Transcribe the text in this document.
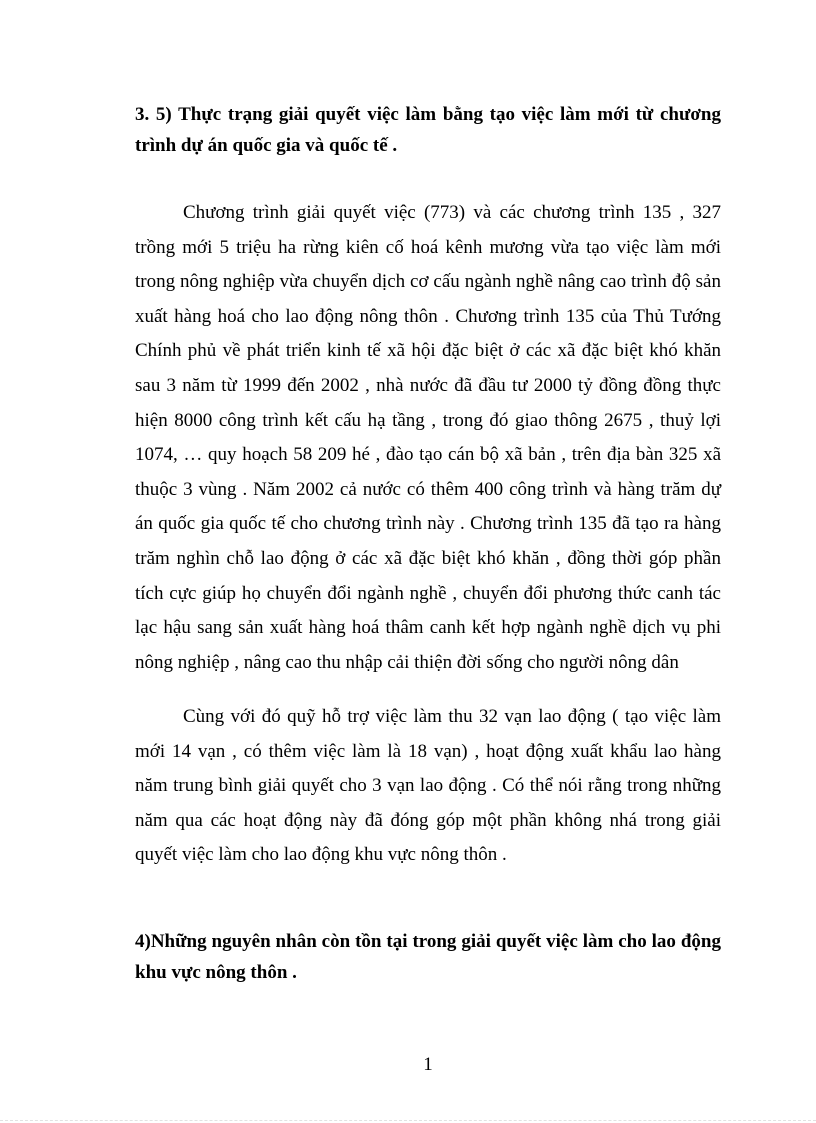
3. 5) Thực trạng giải quyết việc làm bằng tạo việc làm mới từ chương trình dự án quốc gia và quốc tế .

Chương trình giải quyết việc (773) và các chương trình 135 , 327 trồng mới 5 triệu ha rừng kiên cố hoá kênh mương vừa tạo việc làm mới trong nông nghiệp vừa chuyển dịch cơ cấu ngành nghề nâng cao trình độ sản xuất hàng hoá cho lao động nông thôn . Chương trình 135 của Thủ Tướng Chính phủ về phát triển kinh tế xã hội đặc biệt ở các xã đặc biệt khó khăn sau 3 năm từ 1999 đến 2002 , nhà nước đã đầu tư 2000 tỷ đồng đồng thực hiện 8000 công trình kết cấu hạ tầng , trong đó giao thông 2675 , thuỷ lợi 1074, … quy hoạch 58 209 hé , đào tạo cán bộ xã bản , trên địa bàn 325 xã thuộc 3 vùng . Năm 2002 cả nước có thêm 400 công trình và hàng trăm dự án quốc gia quốc tế cho chương trình này . Chương trình 135 đã tạo ra hàng trăm nghìn chỗ lao động ở các xã đặc biệt khó khăn , đồng thời góp phần tích cực giúp họ chuyển đổi ngành nghề , chuyển đổi phương thức canh tác lạc hậu sang sản xuất hàng hoá thâm canh kết hợp ngành nghề dịch vụ phi nông nghiệp , nâng cao thu nhập cải thiện đời sống cho người nông dân

Cùng với đó quỹ hỗ trợ việc làm thu 32 vạn lao động ( tạo việc làm mới 14 vạn , có thêm việc làm là 18 vạn) , hoạt động xuất khẩu lao hàng năm trung bình giải quyết cho 3 vạn lao động . Có thể nói rằng trong những năm qua các hoạt động này đã đóng góp một phần không nhá trong giải quyết việc làm cho lao động khu vực nông thôn .

4)Những nguyên nhân còn tồn tại trong giải quyết việc làm cho lao động khu vực nông thôn .
1
